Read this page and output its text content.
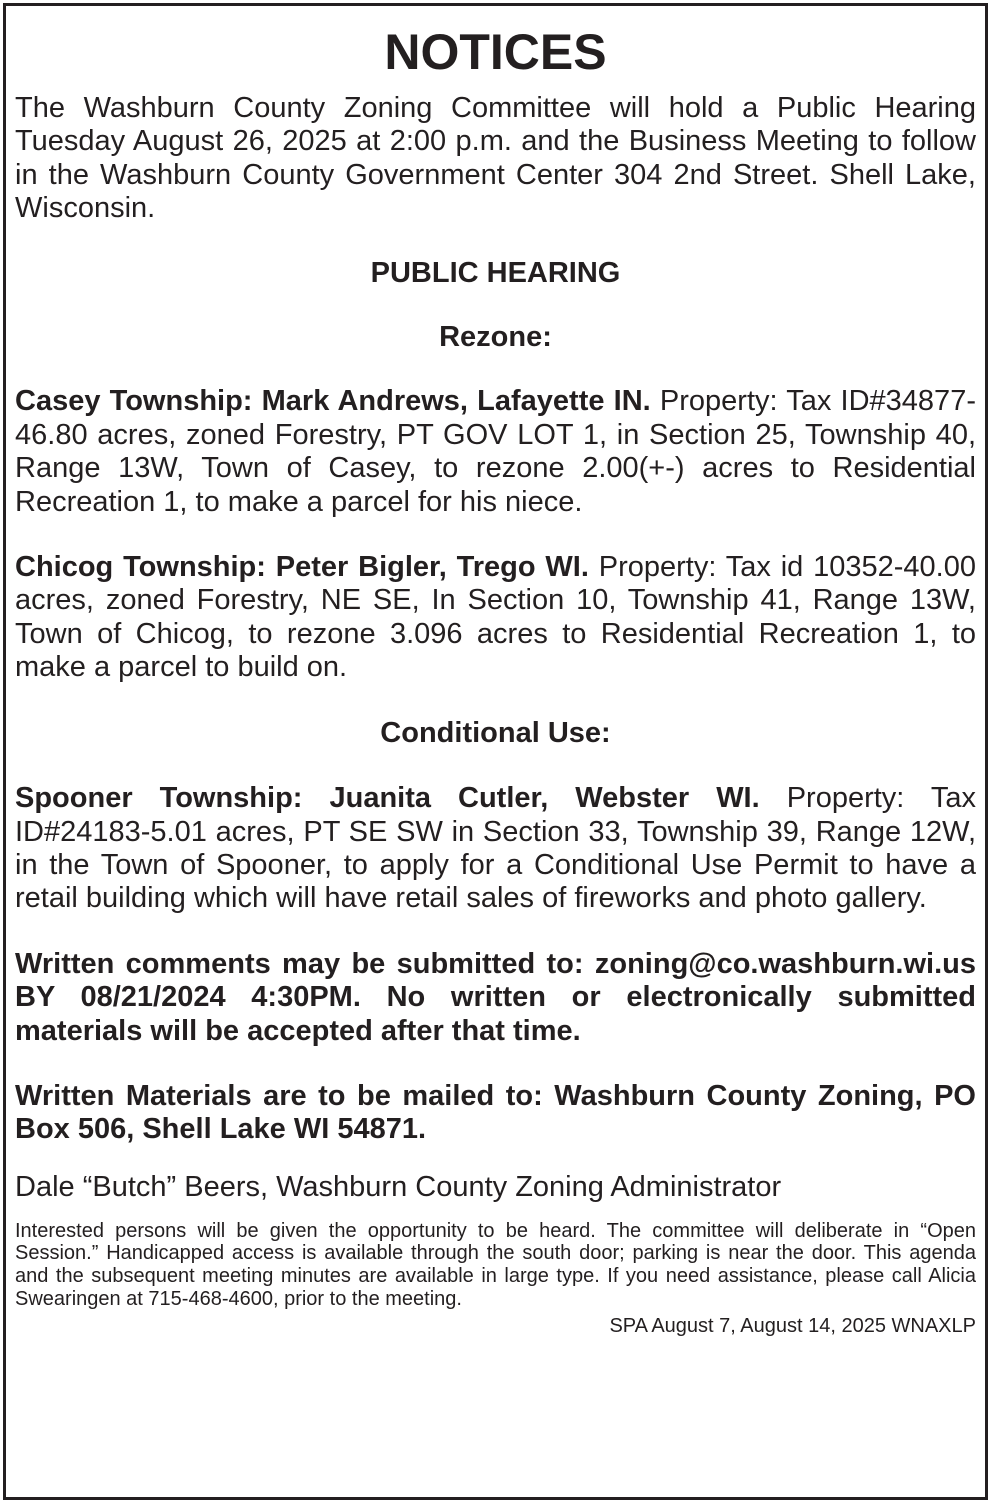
NOTICES

The Washburn County Zoning Committee will hold a Public Hearing Tuesday August 26, 2025 at 2:00 p.m. and the Business Meeting to follow in the Washburn County Government Center 304 2nd Street. Shell Lake, Wisconsin.

PUBLIC HEARING

Rezone:

Casey Township: Mark Andrews, Lafayette IN. Property: Tax ID#34877-46.80 acres, zoned Forestry, PT GOV LOT 1, in Section 25, Township 40, Range 13W, Town of Casey, to rezone 2.00(+-) acres to Residential Recreation 1, to make a parcel for his niece.

Chicog Township: Peter Bigler, Trego WI. Property: Tax id 10352-40.00 acres, zoned Forestry, NE SE, In Section 10, Township 41, Range 13W, Town of Chicog, to rezone 3.096 acres to Residential Recreation 1, to make a parcel to build on.

Conditional Use:

Spooner Township: Juanita Cutler, Webster WI. Property: Tax ID#24183-5.01 acres, PT SE SW in Section 33, Township 39, Range 12W, in the Town of Spooner, to apply for a Conditional Use Permit to have a retail building which will have retail sales of fireworks and photo gallery.

Written comments may be submitted to: zoning@co.washburn.wi.us BY 08/21/2024 4:30PM. No written or electronically submitted materials will be accepted after that time.

Written Materials are to be mailed to: Washburn County Zoning, PO Box 506, Shell Lake WI 54871.

Dale “Butch” Beers, Washburn County Zoning Administrator

Interested persons will be given the opportunity to be heard. The committee will deliberate in “Open Session.” Handicapped access is available through the south door; parking is near the door. This agenda and the subsequent meeting minutes are available in large type. If you need assistance, please call Alicia Swearingen at 715-468-4600, prior to the meeting.

SPA August 7, August 14, 2025 WNAXLP
